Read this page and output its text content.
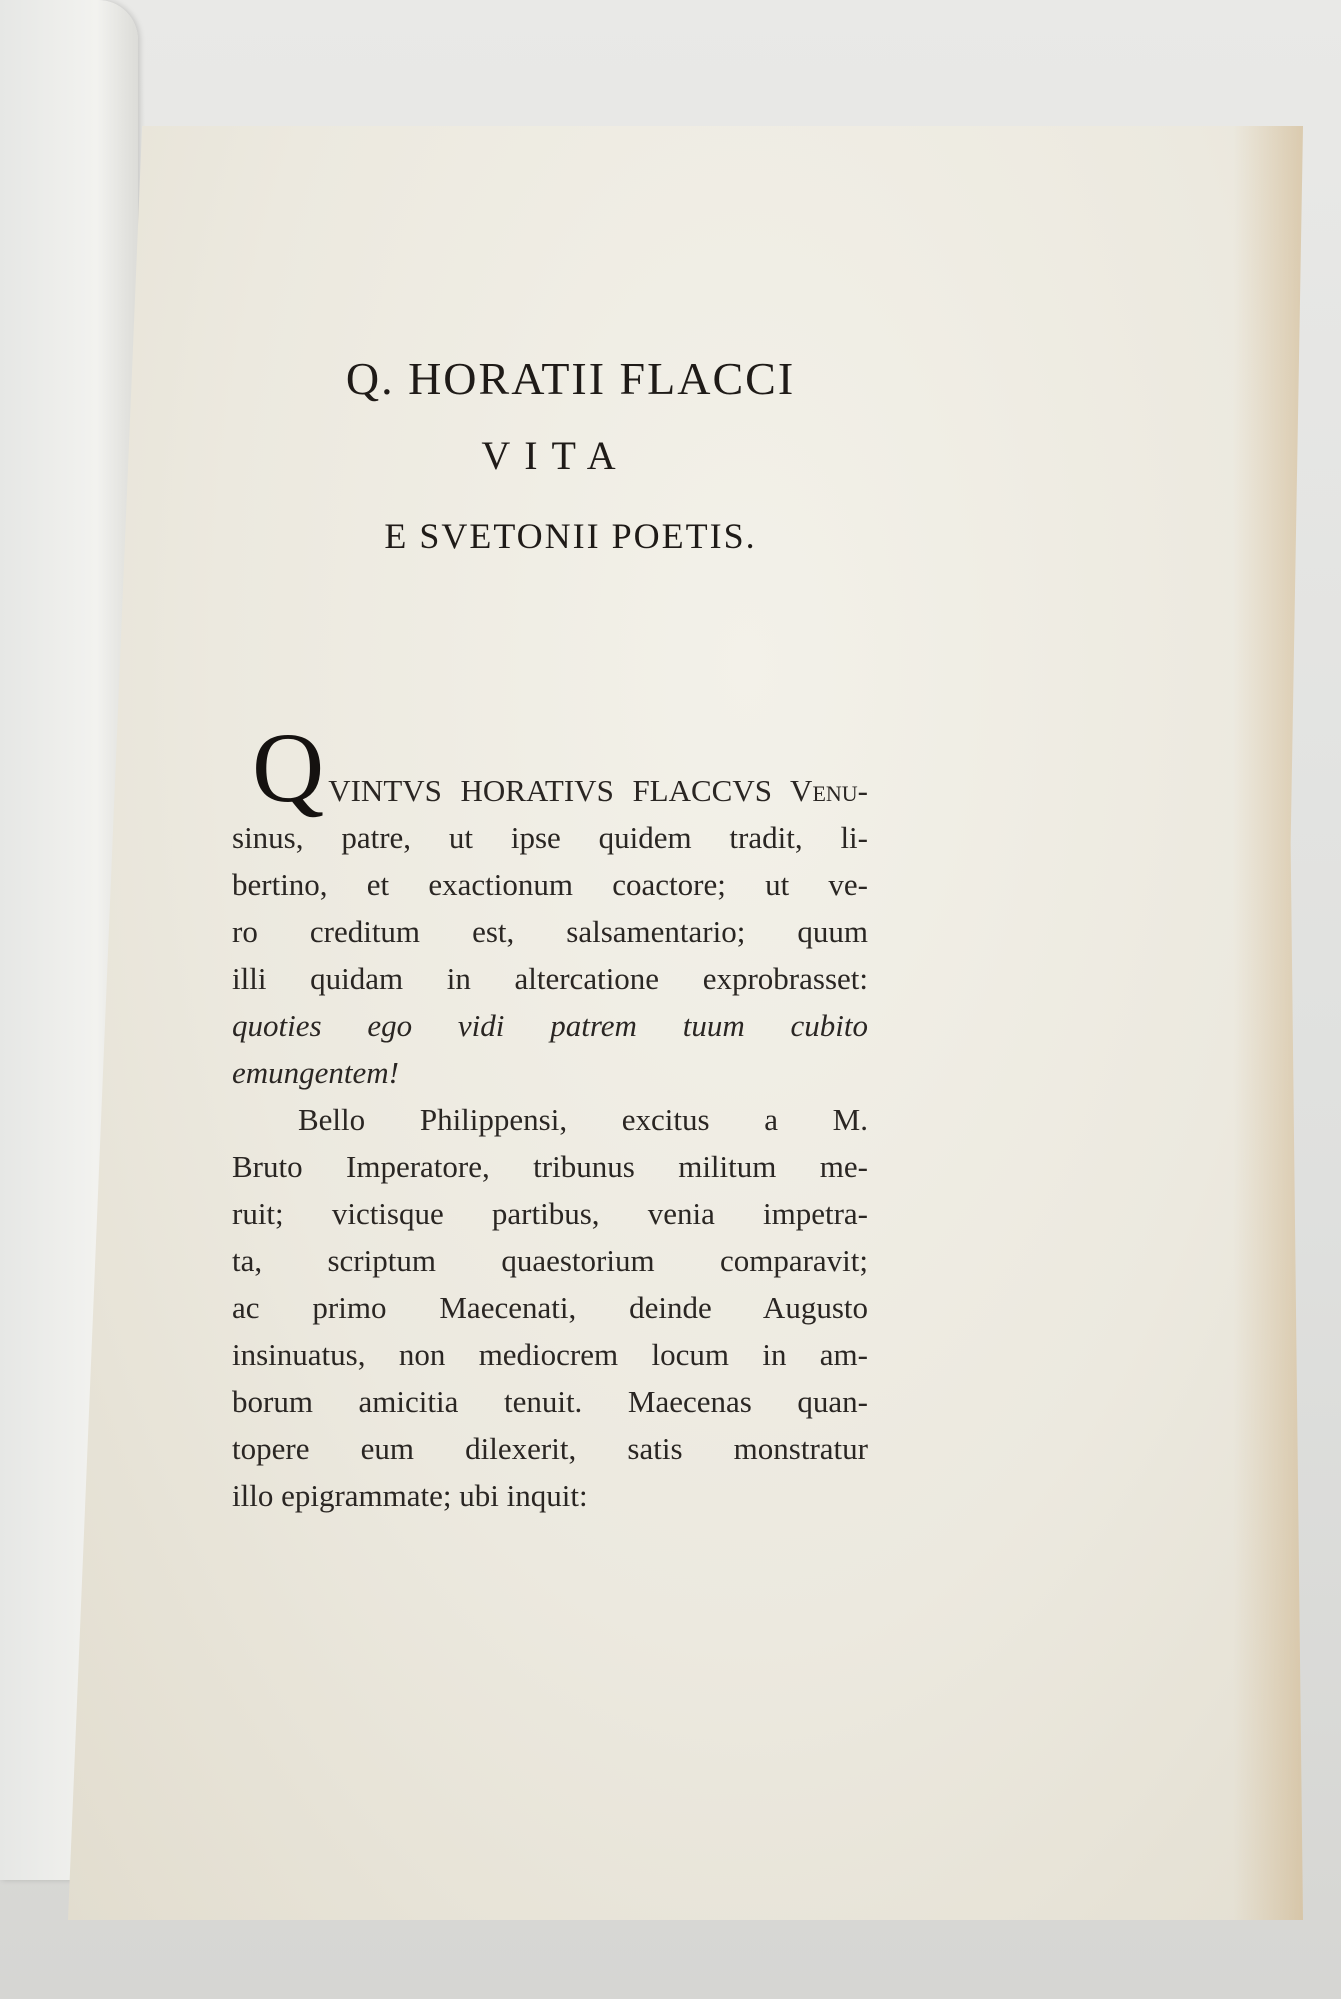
Q. HORATII FLACCI
VITA
E SVETONII POETIS.
QVINTVS HORATIVS FLACCVS Venu-
sinus, patre, ut ipse quidem tradit, li-
bertino, et exactionum coactore; ut ve-
ro creditum est, salsamentario; quum
illi quidam in altercatione exprobrasset:
quoties ego vidi patrem tuum cubito
emungentem!
Bello Philippensi, excitus a M.
Bruto Imperatore, tribunus militum me-
ruit; victisque partibus, venia impetra-
ta, scriptum quaestorium comparavit;
ac primo Maecenati, deinde Augusto
insinuatus, non mediocrem locum in am-
borum amicitia tenuit. Maecenas quan-
topere eum dilexerit, satis monstratur
illo epigrammate; ubi inquit:
